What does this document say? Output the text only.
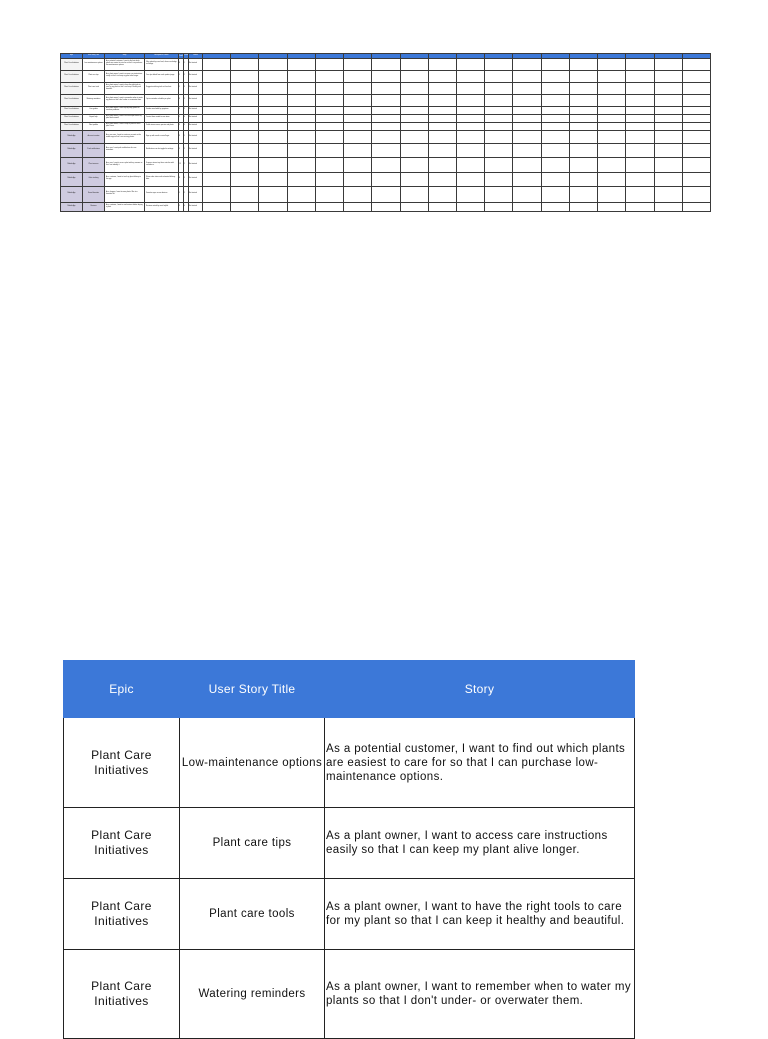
Epic	User Story Title	Story	Acceptance Criteria	Story Points	Priority	Status																		
Plant Care Initiatives	Low-maintenance options	As a potential customer, I want to find out which plants are easiest to care for so that I can purchase low-maintenance options.	Filter plants by care level; show care badge on listings.	8	1	Not started																		
Plant Care Initiatives	Plant care tips	As a plant owner, I want to access care instructions easily so that I can keep my plant alive longer.	Care tips linked from each product page.	5	2	Not started																		
Plant Care Initiatives	Plant care tools	As a plant owner, I want to have the right tools to care for my plant so that I can keep it healthy and beautiful.	Suggest matching tools at checkout.	5	3	Not started																		
Plant Care Initiatives	Watering reminders	As a plant owner, I want to remember when to water my plants so that I don't under- or overwater them.	Opt-in reminder schedule per plant.	8	2	Not started																		
Plant Care Initiatives	Care guides	As a plant owner, I want step-by-step guides for common problems.	Guides searchable by symptom.	3	3	Not started																		
Plant Care Initiatives	Expert help	As a plant owner, I want to ask an expert when my plant looks unwell.	Contact form routed to care team.	5	4	Not started																		
Plant Care Initiatives	Plant profiles	As a plant owner, I want to keep a profile of each plant I own.	Profile stores name, species and photo.	3	4	Not started																		
Mobile App	Account creation	As a new user, I want to create an account on the mobile app so that I can save my plants.	Sign up with email or social login.	8	1	Not started																		
Mobile App	Push notifications	As a user, I want push notifications for care reminders.	Notifications can be toggled in settings.	5	2	Not started																		
Mobile App	Plant scanner	As a user, I want to scan a plant with my camera so that I can identify it.	Scanner returns top three matches with confidence.	13	2	Not started																		
Mobile App	Order tracking	As a customer, I want to track my plant delivery in the app.	Show order status and estimated delivery date.	8	3	Not started																		
Mobile App	Saved favorites	As a shopper, I want to save plants I like to a favorites list.	Favorites sync across devices.	5	3	Not started																		
Mobile App	Reviews	As a customer, I want to read reviews before buying a plant.	Reviews sorted by most helpful.	3	4	Not started																		
Epic	User Story Title	Story
Plant Care Initiatives	Low-maintenance options	As a potential customer, I want to find out which plants are easiest to care for so that I can purchase low-maintenance options.
Plant Care Initiatives	Plant care tips	As a plant owner, I want to access care instructions easily so that I can keep my plant alive longer.
Plant Care Initiatives	Plant care tools	As a plant owner, I want to have the right tools to care for my plant so that I can keep it healthy and beautiful.
Plant Care Initiatives	Watering reminders	As a plant owner, I want to remember when to water my plants so that I don't under- or overwater them.
